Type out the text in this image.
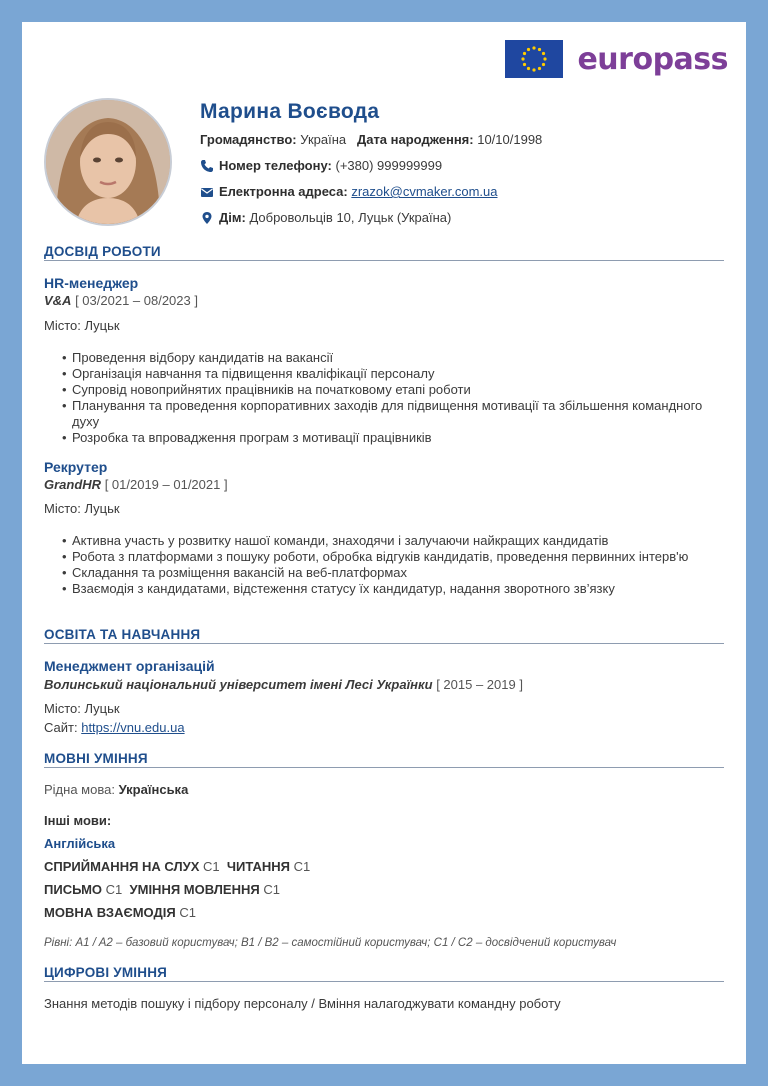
europass
Марина Воєвода
Громадянство:
Україна
Дата народження:
10/10/1998
Номер телефону:
(+380) 999999999
Електронна адреса:
zrazok@cvmaker.com.ua
Дім:
Добровольців 10, Луцьк (Україна)
ДОСВІД РОБОТИ
HR-менеджер
V&A [ 03/2021 – 08/2023 ]
Місто: Луцьк
• Проведення відбору кандидатів на вакансії
• Організація навчання та підвищення кваліфікації персоналу
• Супровід новоприйнятих працівників на початковому етапі роботи
• Планування та проведення корпоративних заходів для підвищення мотивації та збільшення командного духу
• Розробка та впровадження програм з мотивації працівників
Рекрутер
GrandHR [ 01/2019 – 01/2021 ]
Місто: Луцьк
• Активна участь у розвитку нашої команди, знаходячи і залучаючи найкращих кандидатів
• Робота з платформами з пошуку роботи, обробка відгуків кандидатів, проведення первинних інтерв'ю
• Складання та розміщення вакансій на веб-платформах
• Взаємодія з кандидатами, відстеження статусу їх кандидатур, надання зворотного зв’язку
ОСВІТА ТА НАВЧАННЯ
Менеджмент організацій
Волинський національний університет імені Лесі Українки [ 2015 – 2019 ]
Місто: Луцьк
Сайт: https://vnu.edu.ua
МОВНІ УМІННЯ
Рідна мова: Українська
Інші мови:
Англійська
СПРИЙМАННЯ НА СЛУХ C1 ЧИТАННЯ C1
ПИСЬМО C1 УМІННЯ МОВЛЕННЯ C1
МОВНА ВЗАЄМОДІЯ C1
Рівні: A1 / A2 – базовий користувач; B1 / B2 – самостійний користувач; C1 / C2 – досвідчений користувач
ЦИФРОВІ УМІННЯ
Знання методів пошуку і підбору персоналу / Вміння налагоджувати командну роботу
